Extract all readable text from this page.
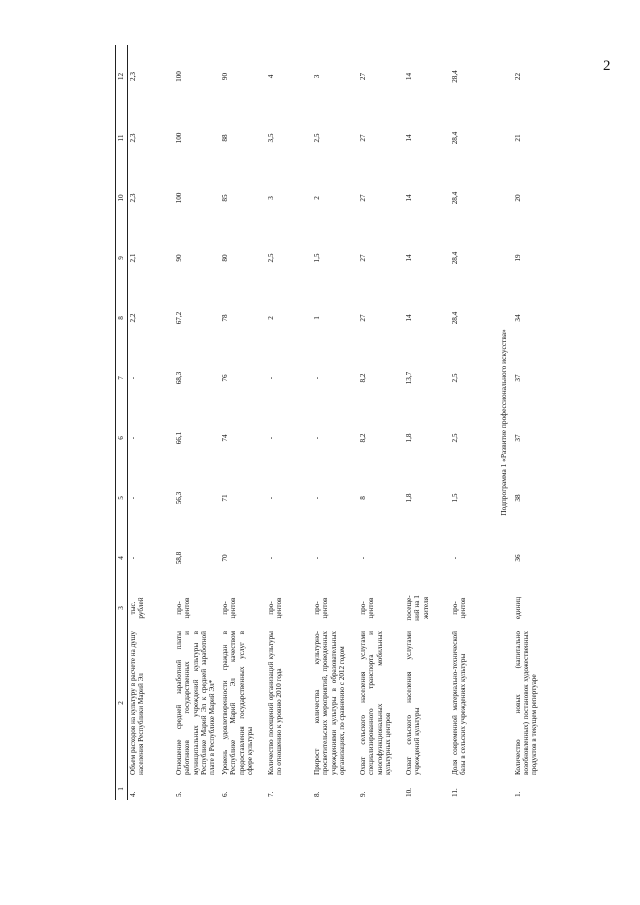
2
1	2	3	4	5	6	7	8	9	10	11	12
4.	Объем расходов на культуру в расчете на душу населения Республики Марий Эл	тыс. рублей	-	-	-	-	2,2	2,1	2,3	2,3	2,3
5.	Отношение средней заработной платы работников государственных и муниципальных учреждений культуры в Республике Марий Эл к средней заработной плате в Республике Марий Эл*	про-центов	58,8	56,3	66,1	68,3	67,2	90	100	100	100
6.	Уровень удовлетворенности граждан в Республике Марий Эл качеством предоставления государственных услуг в сфере культуры	про-центов	70	71	74	76	78	80	85	88	90
7.	Количество посещений организаций культуры по отношению к уровню 2010 года	про-центов	-	-	-	-	2	2,5	3	3,5	4
8.	Прирост количества культурно-просветительских мероприятий, проведенных учреждениями культуры в образовательных организациях, по сравнению с 2012 годом	про-центов	-	-	-	-	1	1,5	2	2,5	3
9.	Охват сельского населения услугами специализированного транспорта и многофункциональных мобильных культурных центров	про-центов	-	8	8,2	8,2	27	27	27	27	27
10.	Охват сельского населения услугами учреждений культуры	посеще-ний на 1 жителя		1,8	1,8	13,7	14	14	14	14	14
11.	Доля современной материально-технической базы в сельских учреждениях культуры	про-центов	-	1,5	2,5	2,5	28,4	28,4	28,4	28,4	28,4
Подпрограмма 1 «Развитие профессионального искусства»											
1.	Количество новых (капитально возобновленных) постановок художественных продуктов в текущем репертуаре	единиц	36	38	37	37	34	19	20	21	22
